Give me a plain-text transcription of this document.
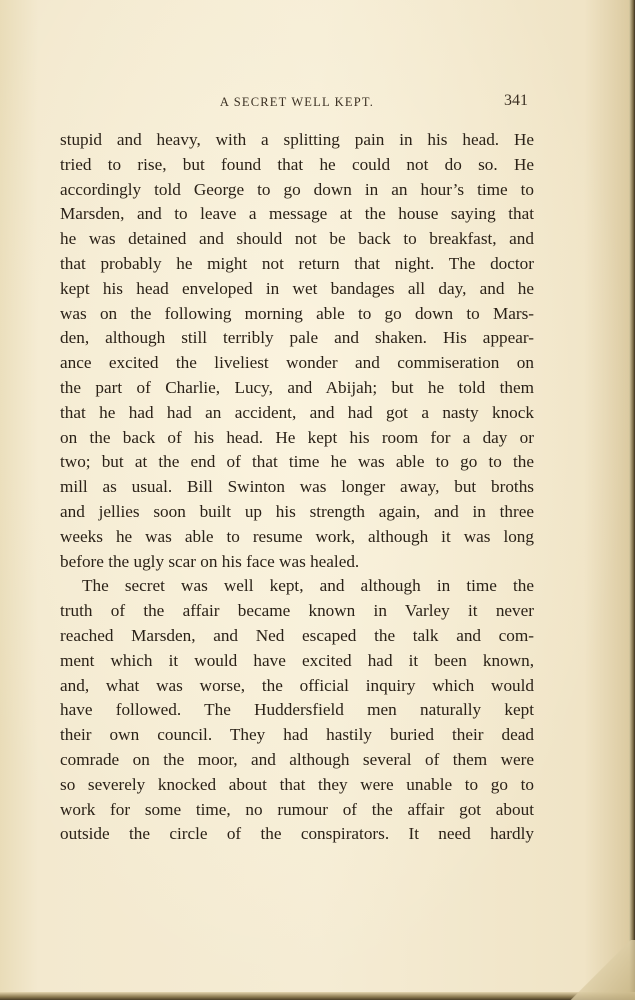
A SECRET WELL KEPT.	341
stupid and heavy, with a splitting pain in his head. He
tried to rise, but found that he could not do so. He
accordingly told George to go down in an hour’s time to
Marsden, and to leave a message at the house saying that
he was detained and should not be back to breakfast, and
that probably he might not return that night. The doctor
kept his head enveloped in wet bandages all day, and he
was on the following morning able to go down to Mars-
den, although still terribly pale and shaken. His appear-
ance excited the liveliest wonder and commiseration on
the part of Charlie, Lucy, and Abijah; but he told them
that he had had an accident, and had got a nasty knock
on the back of his head. He kept his room for a day or
two; but at the end of that time he was able to go to the
mill as usual. Bill Swinton was longer away, but broths
and jellies soon built up his strength again, and in three
weeks he was able to resume work, although it was long
before the ugly scar on his face was healed.
The secret was well kept, and although in time the
truth of the affair became known in Varley it never
reached Marsden, and Ned escaped the talk and com-
ment which it would have excited had it been known,
and, what was worse, the official inquiry which would
have followed. The Huddersfield men naturally kept
their own council. They had hastily buried their dead
comrade on the moor, and although several of them were
so severely knocked about that they were unable to go to
work for some time, no rumour of the affair got about
outside the circle of the conspirators. It need hardly
